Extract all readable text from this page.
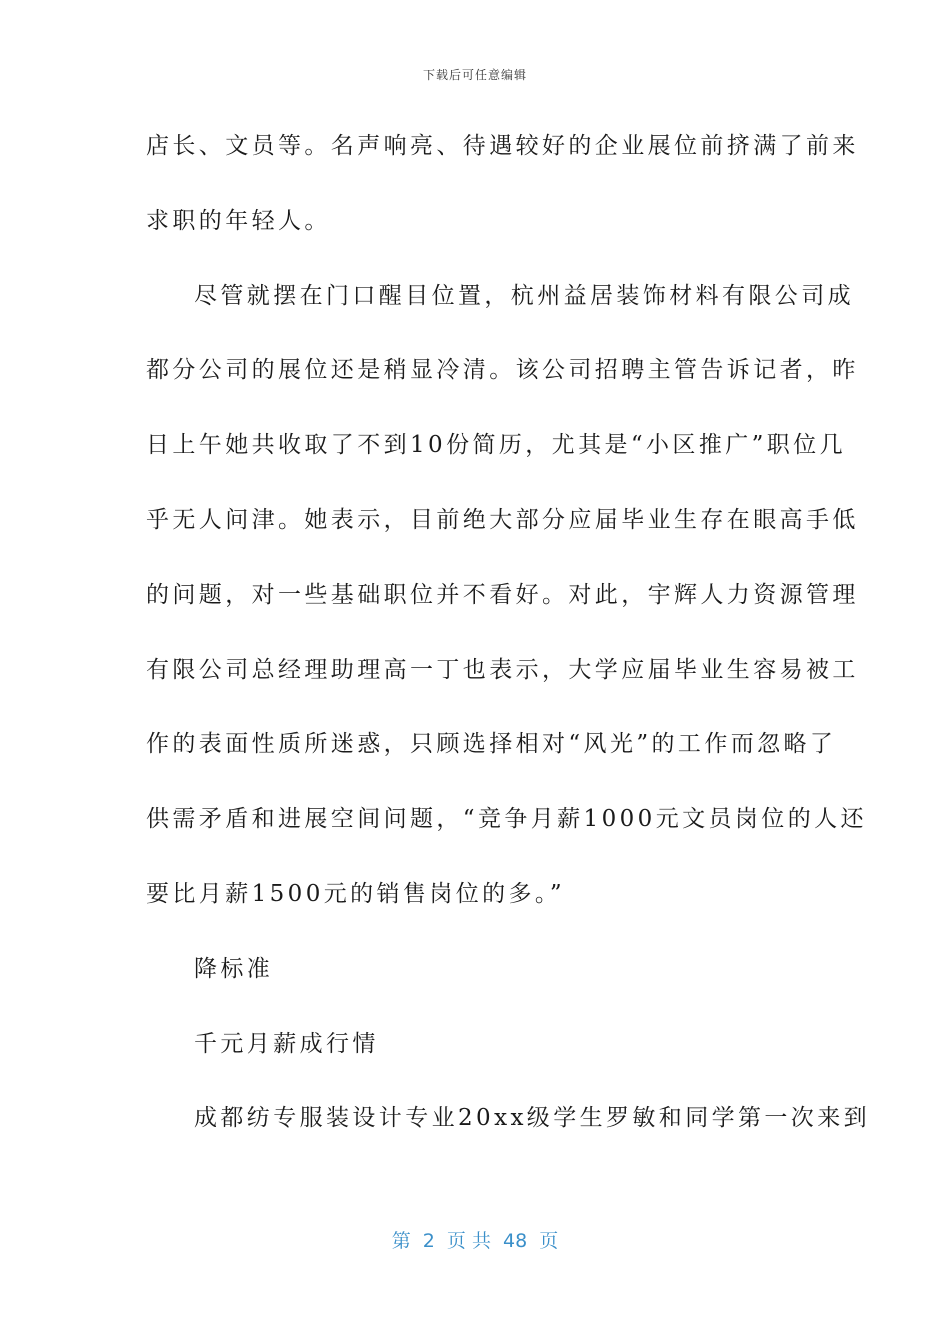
下载后可任意编辑
店长、文员等。名声响亮、待遇较好的企业展位前挤满了前来
求职的年轻人。
尽管就摆在门口醒目位置，杭州益居装饰材料有限公司成
都分公司的展位还是稍显冷清。该公司招聘主管告诉记者，昨
日上午她共收取了不到10份简历，尤其是“小区推广”职位几
乎无人问津。她表示，目前绝大部分应届毕业生存在眼高手低
的问题，对一些基础职位并不看好。对此，宇辉人力资源管理
有限公司总经理助理高一丁也表示，大学应届毕业生容易被工
作的表面性质所迷惑，只顾选择相对“风光”的工作而忽略了
供需矛盾和进展空间问题，“竞争月薪1000元文员岗位的人还
要比月薪1500元的销售岗位的多。”
降标准
千元月薪成行情
成都纺专服装设计专业20xx级学生罗敏和同学第一次来到
第  2  页 共  48  页
